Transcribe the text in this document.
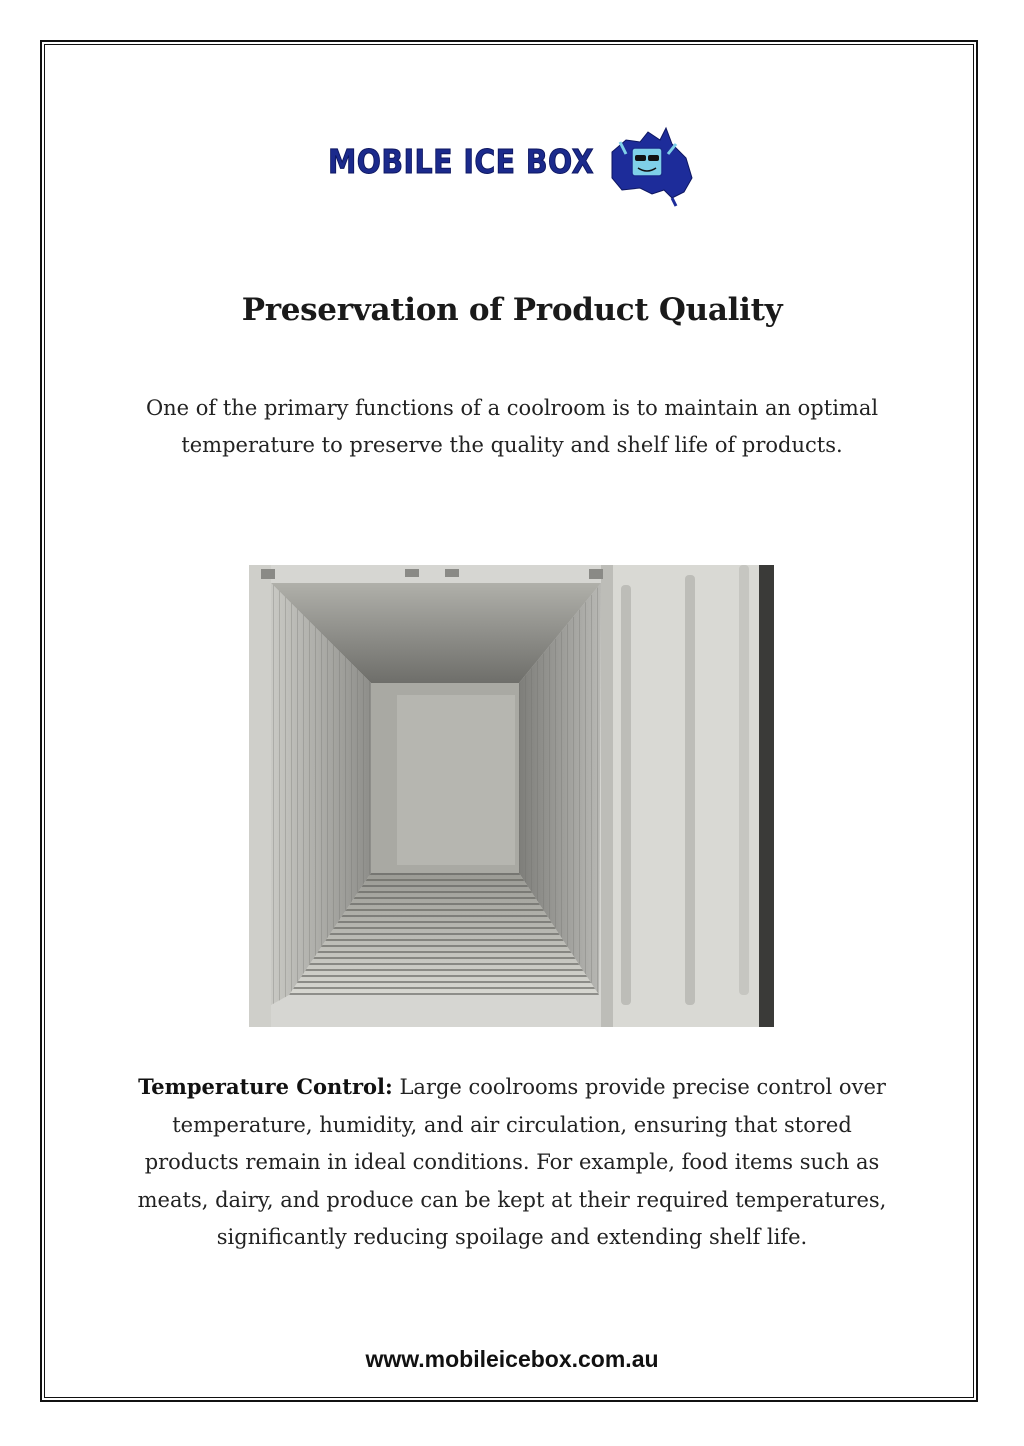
MOBILE ICE BOX
Preservation of Product Quality

One of the primary functions of a coolroom is to maintain an optimal temperature to preserve the quality and shelf life of products.

Temperature Control: Large coolrooms provide precise control over temperature, humidity, and air circulation, ensuring that stored products remain in ideal conditions. For example, food items such as meats, dairy, and produce can be kept at their required temperatures, significantly reducing spoilage and extending shelf life.

www.mobileicebox.com.au
